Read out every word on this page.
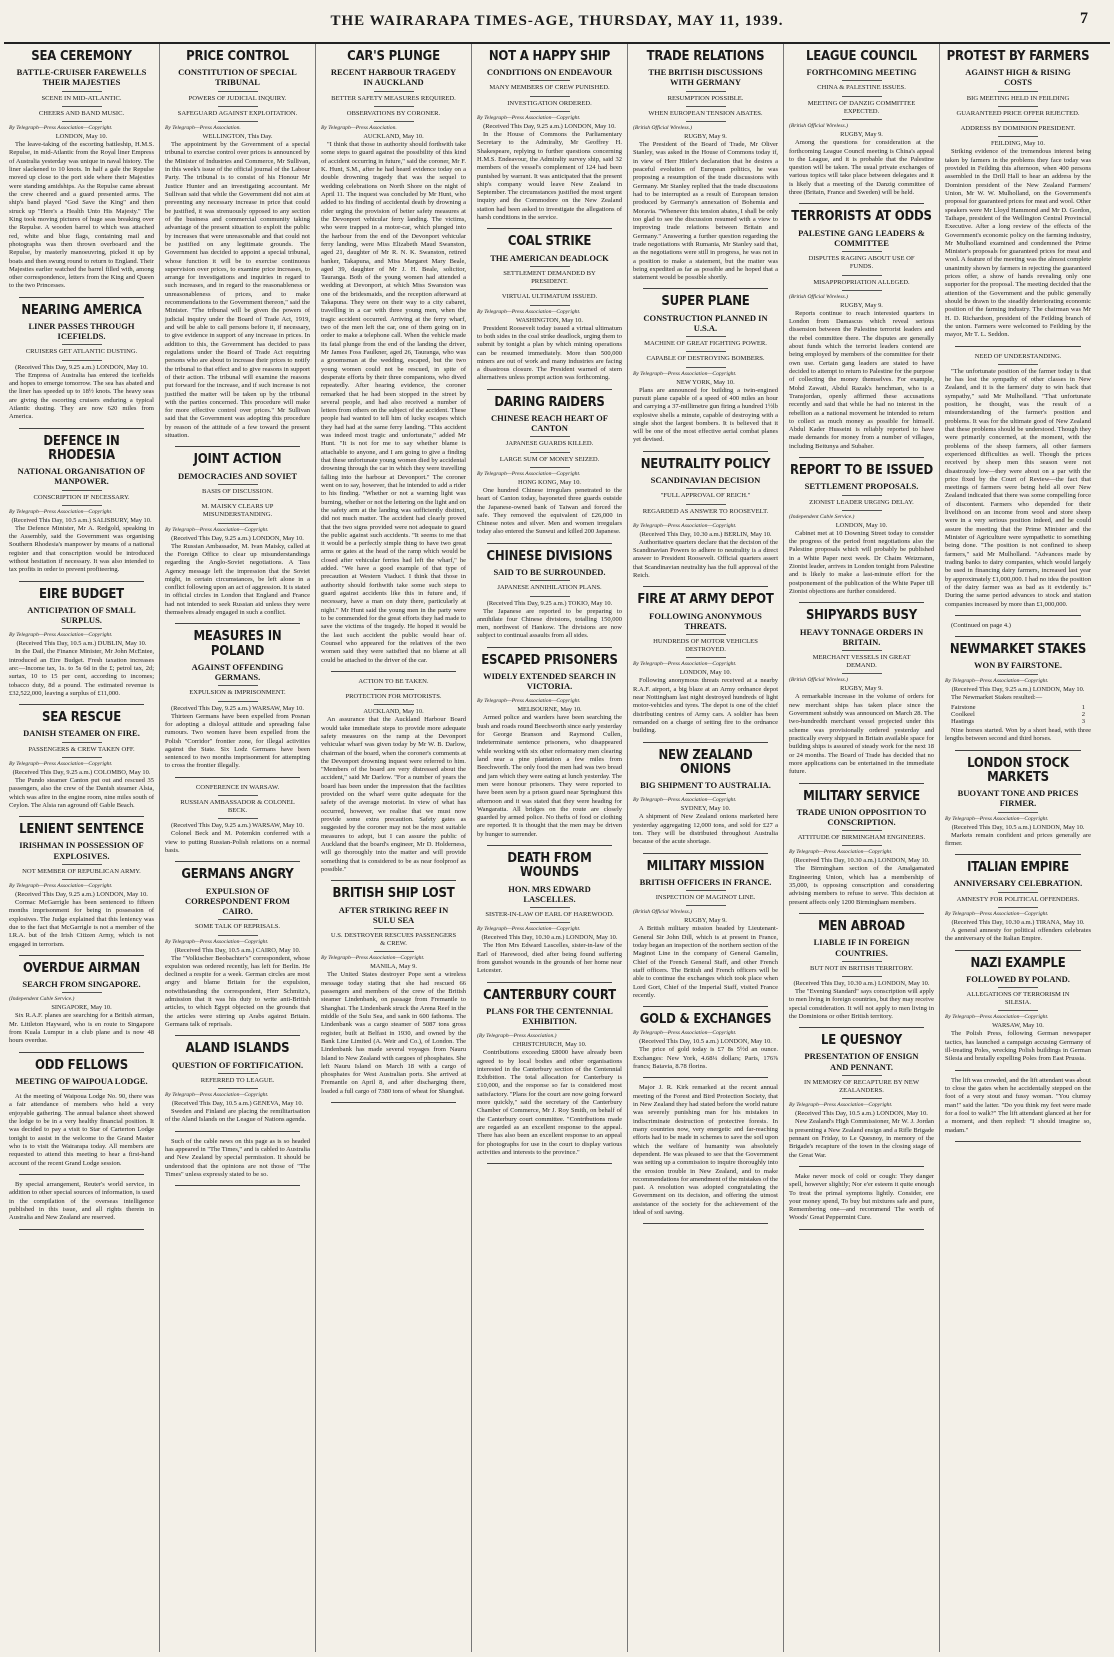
THE WAIRARAPA TIMES-AGE, THURSDAY, MAY 11, 1939.	7
SEA CEREMONY
BATTLE-CRUISER FAREWELLS THEIR MAJESTIES
SCENE IN MID-ATLANTIC.
CHEERS AND BAND MUSIC.
By Telegraph—Press Association—Copyright.
LONDON, May 10.

The leave-taking of the escorting battleship, H.M.S. Repulse, in mid-Atlantic from the Royal liner Empress of Australia yesterday was unique in naval history. The liner slackened to 10 knots. In half a gale the Repulse moved up close to the port side where their Majesties were standing amidships. As the Repulse came abreast the crew cheered and a guard presented arms. The ship's band played "God Save the King" and then struck up "Here's a Health Unto His Majesty." The King took moving pictures of huge seas breaking over the Repulse. A wooden barrel to which was attached red, white and blue flags, containing mail and photographs was then thrown overboard and the Repulse, by masterly manoeuvring, picked it up by boats and then swung round to return to England. Their Majesties earlier watched the barrel filled with, among other correspondence, letters from the King and Queen to the two Princesses.

NEARING AMERICA
LINER PASSES THROUGH ICEFIELDS.
CRUISERS GET ATLANTIC DUSTING.
(Received This Day, 9.25 a.m.) LONDON, May 10.

The Empress of Australia has entered the icefields and hopes to emerge tomorrow. The sea has abated and the liner has speeded up to 18½ knots. The heavy seas are giving the escorting cruisers enduring a typical Atlantic dusting. They are now 620 miles from America.

DEFENCE IN RHODESIA
NATIONAL ORGANISATION OF MANPOWER.
CONSCRIPTION IF NECESSARY.
By Telegraph—Press Association—Copyright.
(Received This Day, 10.5 a.m.) SALISBURY, May 10.

The Defence Minister, Mr A. Redgold, speaking in the Assembly, said the Government was organising Southern Rhodesia's manpower by means of a national register and that conscription would be introduced without hesitation if necessary. It was also intended to tax profits in order to prevent profiteering.

EIRE BUDGET
ANTICIPATION OF SMALL SURPLUS.
By Telegraph—Press Association—Copyright.
(Received This Day, 10.5 a.m.) DUBLIN, May 10.

In the Dail, the Finance Minister, Mr John McEntee, introduced an Eire Budget. Fresh taxation increases are:—Income tax, 1s. to 5s 6d in the £; petrol tax, 2d; surtax, 10 to 15 per cent, according to incomes; tobacco duty, 8d a pound. The estimated revenue is £32,522,000, leaving a surplus of £11,000.

SEA RESCUE
DANISH STEAMER ON FIRE.
PASSENGERS & CREW TAKEN OFF.
By Telegraph—Press Association—Copyright.
(Received This Day, 9.25 a.m.) COLOMBO, May 10.

The Pundo steamer Canton put out and rescued 35 passengers, also the crew of the Danish steamer Alsia, which was afire in the engine room, nine miles south of Ceylon. The Alsia ran aground off Gable Beach.

LENIENT SENTENCE
IRISHMAN IN POSSESSION OF EXPLOSIVES.
NOT MEMBER OF REPUBLICAN ARMY.
By Telegraph—Press Association—Copyright.
(Received This Day, 9.25 a.m.) LONDON, May 10.

Cormac McGarrigle has been sentenced to fifteen months imprisonment for being in possession of explosives. The Judge explained that this leniency was due to the fact that McGarrigle is not a member of the I.R.A. but of the Irish Citizen Army, which is not engaged in terrorism.

OVERDUE AIRMAN
SEARCH FROM SINGAPORE.
(Independent Cable Service.)
SINGAPORE, May 10.

Six R.A.F. planes are searching for a British airman, Mr. Littleton Hayward, who is en route to Singapore from Kuala Lumpur in a club plane and is now 48 hours overdue.

ODD FELLOWS
MEETING OF WAIPOUA LODGE.

At the meeting of Waipoua Lodge No. 90, there was a fair attendance of members who held a very enjoyable gathering. The annual balance sheet showed the lodge to be in a very healthy financial position. It was decided to pay a visit to Star of Carterton Lodge tonight to assist in the welcome to the Grand Master who is to visit the Wairarapa today. All members are requested to attend this meeting to hear a first-hand account of the recent Grand Lodge session.

By special arrangement, Reuter's world service, in addition to other special sources of information, is used in the compilation of the overseas intelligence published in this issue, and all rights therein in Australia and New Zealand are reserved.

PRICE CONTROL
CONSTITUTION OF SPECIAL TRIBUNAL
POWERS OF JUDICIAL INQUIRY.
SAFEGUARD AGAINST EXPLOITATION.
By Telegraph—Press Association.
WELLINGTON, This Day.

The appointment by the Government of a special tribunal to exercise control over prices is announced by the Minister of Industries and Commerce, Mr Sullivan, in this week's issue of the official journal of the Labour Party. The tribunal is to consist of his Honour Mr Justice Hunter and an investigating accountant. Mr Sullivan said that while the Government did not aim at preventing any necessary increase in price that could be justified, it was strenuously opposed to any section of the business and commercial community taking advantage of the present situation to exploit the public by increases that were unreasonable and that could not be justified on any legitimate grounds. The Government has decided to appoint a special tribunal, whose function it will be to exercise continuous supervision over prices, to examine price increases, to arrange for investigations and inquiries in regard to such increases, and in regard to the reasonableness or unreasonableness of prices, and to make recommendations to the Government thereon," said the Minister. "The tribunal will be given the powers of judicial inquiry under the Board of Trade Act, 1919, and will be able to call persons before it, if necessary, to give evidence in support of any increase in prices. In addition to this, the Government has decided to pass regulations under the Board of Trade Act requiring persons who are about to increase their prices to notify the tribunal to that effect and to give reasons in support of their action. The tribunal will examine the reasons put forward for the increase, and if such increase is not justified the matter will be taken up by the tribunal with the parties concerned. This procedure will make for more effective control over prices." Mr Sullivan said that the Government was adopting this procedure by reason of the attitude of a few toward the present situation.

JOINT ACTION
DEMOCRACIES AND SOVIET
BASIS OF DISCUSSION.
M. MAISKY CLEARS UP MISUNDERSTANDING.
By Telegraph—Press Association—Copyright.
(Received This Day, 9.25 a.m.) LONDON, May 10.

The Russian Ambassador, M. Ivan Maisky, called at the Foreign Office to clear up misunderstandings regarding the Anglo-Soviet negotiations. A Tass Agency message left the impression that the Soviet might, in certain circumstances, be left alone in a conflict following upon an act of aggression. It is stated in official circles in London that England and France had not intended to seek Russian aid unless they were themselves already engaged in such a conflict.

MEASURES IN POLAND
AGAINST OFFENDING GERMANS.
EXPULSION & IMPRISONMENT.
(Received This Day, 9.25 a.m.) WARSAW, May 10.

Thirteen Germans have been expelled from Posnan for adopting a disloyal attitude and spreading false rumours. Two women have been expelled from the Polish "Corridor" frontier zone, for illegal activities against the State. Six Lodz Germans have been sentenced to two months imprisonment for attempting to cross the frontier illegally.

CONFERENCE IN WARSAW.
RUSSIAN AMBASSADOR & COLONEL BECK.
(Received This Day, 9.25 a.m.) WARSAW, May 10.

Colonel Beck and M. Potemkin conferred with a view to putting Russian-Polish relations on a normal basis.

GERMANS ANGRY
EXPULSION OF CORRESPONDENT FROM CAIRO.
SOME TALK OF REPRISALS.
By Telegraph—Press Association—Copyright.
(Received This Day, 10.5 a.m.) CAIRO, May 10.

The "Volkischer Beobachter's" correspondent, whose expulsion was ordered recently, has left for Berlin. He declined a respite for a week. German circles are most angry and blame Britain for the expulsion, notwithstanding the correspondent, Herr Schmitz's, admission that it was his duty to write anti-British articles, to which Egypt objected on the grounds that the articles were stirring up Arabs against Britain. Germans talk of reprisals.

ALAND ISLANDS
QUESTION OF FORTIFICATION.
REFERRED TO LEAGUE.
By Telegraph—Press Association—Copyright.
(Received This Day, 10.5 a.m.) GENEVA, May 10.

Sweden and Finland are placing the remilitarisation of the Aland Islands on the League of Nations agenda.

Such of the cable news on this page as is so headed has appeared in "The Times," and is cabled to Australia and New Zealand by special permission. It should be understood that the opinions are not those of "The Times" unless expressly stated to be so.

CAR'S PLUNGE
RECENT HARBOUR TRAGEDY IN AUCKLAND
BETTER SAFETY MEASURES REQUIRED.
OBSERVATIONS BY CORONER.
By Telegraph—Press Association.
AUCKLAND, May 10.

"I think that those in authority should forthwith take some steps to guard against the possibility of this kind of accident occurring in future," said the coroner, Mr F. K. Hunt, S.M., after he had heard evidence today on a double drowning tragedy that was the sequel to wedding celebrations on North Shore on the night of April 11. The inquest was concluded by Mr Hunt, who added to his finding of accidental death by drowning a rider urging the provision of better safety measures at the Devonport vehicular ferry landing. The victims, who were trapped in a motor-car, which plunged into the harbour from the end of the Devonport vehicular ferry landing, were Miss Elizabeth Maud Swanston, aged 21, daughter of Mr R. N. K. Swanston, retired banker, Takapuna, and Miss Margaret Mary Beale, aged 39, daughter of Mr J. H. Beale, solicitor, Tauranga. Both of the young women had attended a wedding at Devonport, at which Miss Swanston was one of the bridesmaids, and the reception afterward at Takapuna. They were on their way to a city cabaret, travelling in a car with three young men, when the tragic accident occurred. Arriving at the ferry wharf, two of the men left the car, one of them going on in order to make a telephone call. When the vehicle made its fatal plunge from the end of the landing the driver, Mr James Foss Faulkner, aged 26, Tauranga, who was a groomsman at the wedding, escaped, but the two young women could not be rescued, in spite of desperate efforts by their three companions, who dived repeatedly. After hearing evidence, the coroner remarked that he had been stopped in the street by several people, and had also received a number of letters from others on the subject of the accident. These people had wanted to tell him of lucky escapes which they had had at the same ferry landing. "This accident was indeed most tragic and unfortunate," added Mr Hunt. "It is not for me to say whether blame is attachable to anyone, and I am going to give a finding that these unfortunate young women died by accidental drowning through the car in which they were travelling falling into the harbour at Devonport." The coroner went on to say, however, that he intended to add a rider to his finding. "Whether or not a warning light was burning, whether or not the lettering on the light and on the safety arm at the landing was sufficiently distinct, did not much matter. The accident had clearly proved that the two signs provided were not adequate to guard the public against such accidents. "It seems to me that it would be a perfectly simple thing to have two great arms or gates at the head of the ramp which would be closed after vehicular ferries had left the wharf," he added. "We have a good example of that type of precaution at Western Viaduct. I think that those in authority should forthwith take some such steps to guard against accidents like this in future and, if necessary, have a man on duty there, particularly at night." Mr Hunt said the young men in the party were to be commended for the great efforts they had made to save the victims of the tragedy. He hoped it would be the last such accident the public would hear of. Counsel who appeared for the relatives of the two women said they were satisfied that no blame at all could be attached to the driver of the car.

ACTION TO BE TAKEN.
PROTECTION FOR MOTORISTS.
AUCKLAND, May 10.

An assurance that the Auckland Harbour Board would take immediate steps to provide more adequate safety measures on the ramp at the Devonport vehicular wharf was given today by Mr W. B. Darlow, chairman of the board, when the coroner's comments at the Devonport drowning inquest were referred to him. "Members of the board are very distressed about the accident," said Mr Darlow. "For a number of years the board has been under the impression that the facilities provided on the wharf were quite adequate for the safety of the average motorist. In view of what has occurred, however, we realise that we must now provide some extra precaution. Safety gates as suggested by the coroner may not be the most suitable measures to adopt, but I can assure the public of Auckland that the board's engineer, Mr D. Holderness, will go thoroughly into the matter and will provide something that is considered to be as near foolproof as possible."

BRITISH SHIP LOST
AFTER STRIKING REEF IN SULU SEA
U.S. DESTROYER RESCUES PASSENGERS & CREW.
By Telegraph—Press Association—Copyright.
MANILA, May 9.

The United States destroyer Pope sent a wireless message today stating that she had rescued 66 passengers and members of the crew of the British steamer Lindenbank, on passage from Fremantle to Shanghai. The Lindenbank struck the Arena Reef in the middle of the Sulu Sea, and sank in 600 fathoms. The Lindenbank was a cargo steamer of 5087 tons gross register, built at Belfast in 1930, and owned by the Bank Line Limited (A. Weir and Co.), of London. The Lindenbank has made several voyages from Nauru Island to New Zealand with cargoes of phosphates. She left Nauru Island on March 18 with a cargo of phosphates for West Australian ports. She arrived at Fremantle on April 8, and after discharging there, loaded a full cargo of 7380 tons of wheat for Shanghai.

NOT A HAPPY SHIP
CONDITIONS ON ENDEAVOUR
MANY MEMBERS OF CREW PUNISHED.
INVESTIGATION ORDERED.
By Telegraph—Press Association—Copyright.
(Received This Day, 9.25 a.m.) LONDON, May 10.

In the House of Commons the Parliamentary Secretary to the Admiralty, Mr Geoffrey H. Shakespeare, replying to further questions concerning H.M.S. Endeavour, the Admiralty survey ship, said 32 members of the vessel's complement of 124 had been punished by warrant. It was anticipated that the present ship's company would leave New Zealand in September. The circumstances justified the most urgent inquiry and the Commodore on the New Zealand station had been asked to investigate the allegations of harsh conditions in the service.

COAL STRIKE
THE AMERICAN DEADLOCK
SETTLEMENT DEMANDED BY PRESIDENT.
VIRTUAL ULTIMATUM ISSUED.
By Telegraph—Press Association—Copyright.
WASHINGTON, May 10.

President Roosevelt today issued a virtual ultimatum to both sides in the coal strike deadlock, urging them to submit by tonight a plan by which mining operations can be resumed immediately. More than 500,000 miners are out of work and many industries are facing a disastrous closure. The President warned of stern alternatives unless prompt action was forthcoming.

DARING RAIDERS
CHINESE REACH HEART OF CANTON
JAPANESE GUARDS KILLED.
LARGE SUM OF MONEY SEIZED.
By Telegraph—Press Association—Copyright.
HONG KONG, May 10.

One hundred Chinese irregulars penetrated to the heart of Canton today, bayoneted three guards outside the Japanese-owned bank of Taiwan and forced the safe. They removed the equivalent of £26,000 in Chinese notes and silver. Men and women irregulars today also entered the Sunwui and killed 200 Japanese.

CHINESE DIVISIONS
SAID TO BE SURROUNDED.
JAPANESE ANNIHILATION PLANS.
(Received This Day, 9.25 a.m.) TOKIO, May 10.

The Japanese are reported to be preparing to annihilate four Chinese divisions, totalling 150,000 men, northwest of Hankow. The divisions are now subject to continual assaults from all sides.

ESCAPED PRISONERS
WIDELY EXTENDED SEARCH IN VICTORIA.
By Telegraph—Press Association—Copyright.
MELBOURNE, May 10.

Armed police and warders have been searching the bush and roads round Beechworth since early yesterday for George Branson and Raymond Cullen, indeterminate sentence prisoners, who disappeared while working with six other reformatory men clearing land near a pine plantation a few miles from Beechworth. The only food the men had was two bread and jam which they were eating at lunch yesterday. The men were honour prisoners. They were reported to have been seen by a prison guard near Springhurst this afternoon and it was stated that they were heading for Wangaratta. All bridges on the route are closely guarded by armed police. No thefts of food or clothing are reported. It is thought that the men may be driven by hunger to surrender.

DEATH FROM WOUNDS
HON. MRS EDWARD LASCELLES.
SISTER-IN-LAW OF EARL OF HAREWOOD.
By Telegraph—Press Association—Copyright.
(Received This Day, 10.30 a.m.) LONDON, May 10.

The Hon Mrs Edward Lascelles, sister-in-law of the Earl of Harewood, died after being found suffering from gunshot wounds in the grounds of her home near Leicester.

CANTERBURY COURT
PLANS FOR THE CENTENNIAL EXHIBITION.
(By Telegraph—Press Association.)
CHRISTCHURCH, May 10.

Contributions exceeding £8000 have already been agreed to by local bodies and other organisations interested in the Canterbury section of the Centennial Exhibition. The total allocation for Canterbury is £10,000, and the response so far is considered most satisfactory. "Plans for the court are now going forward more quickly," said the secretary of the Canterbury Chamber of Commerce, Mr J. Roy Smith, on behalf of the Canterbury court committee. "Contributions made are regarded as an excellent response to the appeal. There has also been an excellent response to an appeal for photographs for use in the court to display various activities and interests to the province."

TRADE RELATIONS
THE BRITISH DISCUSSIONS WITH GERMANY
RESUMPTION POSSIBLE.
WHEN EUROPEAN TENSION ABATES.
(British Official Wireless.)
RUGBY, May 9.

The President of the Board of Trade, Mr Oliver Stanley, was asked in the House of Commons today if, in view of Herr Hitler's declaration that he desires a peaceful evolution of European politics, he was proposing a resumption of the trade discussions with Germany. Mr Stanley replied that the trade discussions had to be interrupted as a result of European tension produced by Germany's annexation of Bohemia and Moravia. "Whenever this tension abates, I shall be only too glad to see the discussion resumed with a view to improving trade relations between Britain and Germany." Answering a further question regarding the trade negotiations with Rumania, Mr Stanley said that, as the negotiations were still in progress, he was not in a position to make a statement, but the matter was being expedited as far as possible and he hoped that a statement would be possible shortly.

SUPER PLANE
CONSTRUCTION PLANNED IN U.S.A.
MACHINE OF GREAT FIGHTING POWER.
CAPABLE OF DESTROYING BOMBERS.
By Telegraph—Press Association—Copyright.
NEW YORK, May 10.

Plans are announced for building a twin-engined pursuit plane capable of a speed of 400 miles an hour and carrying a 37-millimetre gun firing a hundred 1½lb explosive shells a minute, capable of destroying with a single shot the largest bombers. It is believed that it will be one of the most effective aerial combat planes yet devised.

NEUTRALITY POLICY
SCANDINAVIAN DECISION
"FULL APPROVAL OF REICH."
REGARDED AS ANSWER TO ROOSEVELT.
By Telegraph—Press Association—Copyright.
(Received This Day, 10.30 a.m.) BERLIN, May 10.

Authoritative quarters declare that the decision of the Scandinavian Powers to adhere to neutrality is a direct answer to President Roosevelt. Official quarters assert that Scandinavian neutrality has the full approval of the Reich.

FIRE AT ARMY DEPOT
FOLLOWING ANONYMOUS THREATS.
HUNDREDS OF MOTOR VEHICLES DESTROYED.
By Telegraph—Press Association—Copyright.
LONDON, May 10.

Following anonymous threats received at a nearby R.A.F. airport, a big blaze at an Army ordnance depot near Nottingham last night destroyed hundreds of light motor-vehicles and tyres. The depot is one of the chief distributing centres of Army cars. A soldier has been remanded on a charge of setting fire to the ordnance building.

NEW ZEALAND ONIONS
BIG SHIPMENT TO AUSTRALIA.
By Telegraph—Press Association—Copyright.
SYDNEY, May 10.

A shipment of New Zealand onions marketed here yesterday aggregating 12,000 tons, and sold for £27 a ton. They will be distributed throughout Australia because of the acute shortage.

MILITARY MISSION
BRITISH OFFICERS IN FRANCE.
INSPECTION OF MAGINOT LINE.
(British Official Wireless.)
RUGBY, May 9.

A British military mission headed by Lieutenant-General Sir John Dill, which is at present in France, today began an inspection of the northern section of the Maginot Line in the company of General Gamelin, Chief of the French General Staff, and other French staff officers. The British and French officers will be able to continue the exchanges which took place when Lord Gort, Chief of the Imperial Staff, visited France recently.

GOLD & EXCHANGES
By Telegraph—Press Association—Copyright.
(Received This Day, 10.5 a.m.) LONDON, May 10.

The price of gold today is £7 8s 5½d an ounce. Exchanges: New York, 4.68¼ dollars; Paris, 176⅞ francs; Batavia, 8.78 florins.

Major J. R. Kirk remarked at the recent annual meeting of the Forest and Bird Protection Society, that in New Zealand they had stated before the world nature was severely punishing man for his mistakes in indiscriminate destruction of protective forests. In many countries now, very energetic and far-reaching efforts had to be made in schemes to save the soil upon which the welfare of humanity was absolutely dependent. He was pleased to see that the Government was setting up a commission to inquire thoroughly into the erosion trouble in New Zealand, and to make recommendations for amendment of the mistakes of the past. A resolution was adopted congratulating the Government on its decision, and offering the utmost assistance of the society for the achievement of the ideal of soil saving.

LEAGUE COUNCIL
FORTHCOMING MEETING
CHINA & PALESTINE ISSUES.
MEETING OF DANZIG COMMITTEE EXPECTED.
(British Official Wireless.)
RUGBY, May 9.

Among the questions for consideration at the forthcoming League Council meeting is China's appeal to the League, and it is probable that the Palestine question will be taken. The usual private exchanges of various topics will take place between delegates and it is likely that a meeting of the Danzig committee of three (Britain, France and Sweden) will be held.

TERRORISTS AT ODDS
PALESTINE GANG LEADERS & COMMITTEE
DISPUTES RAGING ABOUT USE OF FUNDS.
MISAPPROPRIATION ALLEGED.
(British Official Wireless.)
RUGBY, May 9.

Reports continue to reach interested quarters in London from Damascus which reveal serious dissension between the Palestine terrorist leaders and the rebel committee there. The disputes are generally about funds which the terrorist leaders contend are being employed by members of the committee for their own use. Certain gang leaders are stated to have decided to attempt to return to Palestine for the purpose of collecting the money themselves. For example, Mohd Zawati, Abdul Razak's henchman, who is a Transjordan, openly affirmed these accusations recently and said that while he had no interest in the rebellion as a national movement he intended to return to collect as much money as possible for himself. Abdul Kader Husseini is reliably reported to have made demands for money from a number of villages, including Beitunya and Subaher.

REPORT TO BE ISSUED
SETTLEMENT PROPOSALS.
ZIONIST LEADER URGING DELAY.
(Independent Cable Service.)
LONDON, May 10.

Cabinet met at 10 Downing Street today to consider the progress of the period front negotiations also the Palestine proposals which will probably be published in a White Paper next week. Dr Chaim Weizmann, Zionist leader, arrives in London tonight from Palestine and is likely to make a last-minute effort for the postponement of the publication of the White Paper till Zionist objections are further considered.

SHIPYARDS BUSY
HEAVY TONNAGE ORDERS IN BRITAIN.
MERCHANT VESSELS IN GREAT DEMAND.
(British Official Wireless.)
RUGBY, May 9.

A remarkable increase in the volume of orders for new merchant ships has taken place since the Government subsidy was announced on March 28. The two-hundredth merchant vessel projected under this scheme was provisionally ordered yesterday and practically every shipyard in Britain available space for building ships is assured of steady work for the next 18 or 24 months. The Board of Trade has decided that no more applications can be entertained in the immediate future.

MILITARY SERVICE
TRADE UNION OPPOSITION TO CONSCRIPTION.
ATTITUDE OF BIRMINGHAM ENGINEERS.
By Telegraph—Press Association—Copyright.
(Received This Day, 10.30 a.m.) LONDON, May 10.

The Birmingham section of the Amalgamated Engineering Union, which has a membership of 35,000, is opposing conscription and considering advising members to refuse to serve. This decision at present affects only 1200 Birmingham members.

MEN ABROAD
LIABLE IF IN FOREIGN COUNTRIES.
BUT NOT IN BRITISH TERRITORY.
(Received This Day, 10.30 a.m.) LONDON, May 10.

The "Evening Standard" says conscription will apply to men living in foreign countries, but they may receive special consideration. It will not apply to men living in the Dominions or other British territory.

LE QUESNOY
PRESENTATION OF ENSIGN AND PENNANT.
IN MEMORY OF RECAPTURE BY NEW ZEALANDERS.
By Telegraph—Press Association—Copyright.
(Received This Day, 10.5 a.m.) LONDON, May 10.

New Zealand's High Commissioner, Mr W. J. Jordan is presenting a New Zealand ensign and a Rifle Brigade pennant on Friday, to Le Quesnoy, in memory of the Brigade's recapture of the town in the closing stage of the Great War.

Make never mock of cold or cough: They danger spell, however slightly; Nor e'er esteem it quite enough To treat the primal symptoms lightly. Consider, ere your money spend, To buy but mixtures safe and pure, Remembering one—and recommend The worth of Woods' Great Peppermint Cure.

PROTEST BY FARMERS
AGAINST HIGH & RISING COSTS
BIG MEETING HELD IN FEILDING
GUARANTEED PRICE OFFER REJECTED.
ADDRESS BY DOMINION PRESIDENT.
FEILDING, May 10.

Striking evidence of the tremendous interest being taken by farmers in the problems they face today was provided in Feilding this afternoon, when 400 persons assembled in the Drill Hall to hear an address by the Dominion president of the New Zealand Farmers' Union, Mr W. W. Mulholland, on the Government's proposal for guaranteed prices for meat and wool. Other speakers were Mr Lloyd Hammond and Mr D. Gordon, Taihape, president of the Wellington Central Provincial Executive. After a long review of the effects of the Government's economic policy on the farming industry, Mr Mulholland examined and condemned the Prime Minister's proposals for guaranteed prices for meat and wool. A feature of the meeting was the almost complete unanimity shown by farmers in rejecting the guaranteed prices offer, a show of hands revealing only one supporter for the proposal. The meeting decided that the attention of the Government and the public generally should be drawn to the steadily deteriorating economic position of the farming industry. The chairman was Mr H. D. Richardson, president of the Feilding branch of the union. Farmers were welcomed to Feilding by the mayor, Mr T. L. Seddon.

NEED OF UNDERSTANDING.

"The unfortunate position of the farmer today is that he has lost the sympathy of other classes in New Zealand, and it is the farmers' duty to win back that sympathy," said Mr Mulholland. "That unfortunate position, he thought, was the result of a misunderstanding of the farmer's position and problems. It was for the ultimate good of New Zealand that these problems should be understood. Though they were primarily concerned, at the moment, with the problems of the sheep farmers, all other farmers experienced difficulties as well. Though the prices received by sheep men this season were not disastrously low—they were about on a par with the price fixed by the Court of Review—the fact that meetings of farmers were being held all over New Zealand indicated that there was some compelling force of discontent. Farmers who depended for their livelihood on an income from wool and store sheep were in a very serious position indeed, and he could assure the meeting that the Prime Minister and the Minister of Agriculture were sympathetic to something being done. "The position is not confined to sheep farmers," said Mr Mulholland. "Advances made by trading banks to dairy companies, which would largely be used in financing dairy farmers, increased last year by approximately £1,000,000. I had no idea the position of the dairy farmer was as bad as it evidently is." During the same period advances to stock and station companies increased by more than £1,000,000.

(Continued on page 4.)

NEWMARKET STAKES
WON BY FAIRSTONE.
By Telegraph—Press Association—Copyright.
(Received This Day, 9.25 a.m.) LONDON, May 10.

The Newmarket Stakes resulted:—

Fairstone	1
Coolkeel	2
Hastings	3

Nine horses started. Won by a short head, with three lengths between second and third horses.

LONDON STOCK MARKETS
BUOYANT TONE AND PRICES FIRMER.
By Telegraph—Press Association—Copyright.
(Received This Day, 10.5 a.m.) LONDON, May 10.

Markets remain confident and prices generally are firmer.

ITALIAN EMPIRE
ANNIVERSARY CELEBRATION.
AMNESTY FOR POLITICAL OFFENDERS.
By Telegraph—Press Association—Copyright.
(Received This Day, 10.30 a.m.) TIRANA, May 10.

A general amnesty for political offenders celebrates the anniversary of the Italian Empire.

NAZI EXAMPLE
FOLLOWED BY POLAND.
ALLEGATIONS OF TERRORISM IN SILESIA.
By Telegraph—Press Association—Copyright.
WARSAW, May 10.

The Polish Press, following German newspaper tactics, has launched a campaign accusing Germany of ill-treating Poles, wrecking Polish buildings in German Silesia and brutally expelling Poles from East Prussia.

The lift was crowded, and the lift attendant was about to close the gates when he accidentally stepped on the foot of a very stout and fussy woman. "You clumsy man!" said the latter. "Do you think my feet were made for a fool to walk?" The lift attendant glanced at her for a moment, and then replied: "I should imagine so, madam."
